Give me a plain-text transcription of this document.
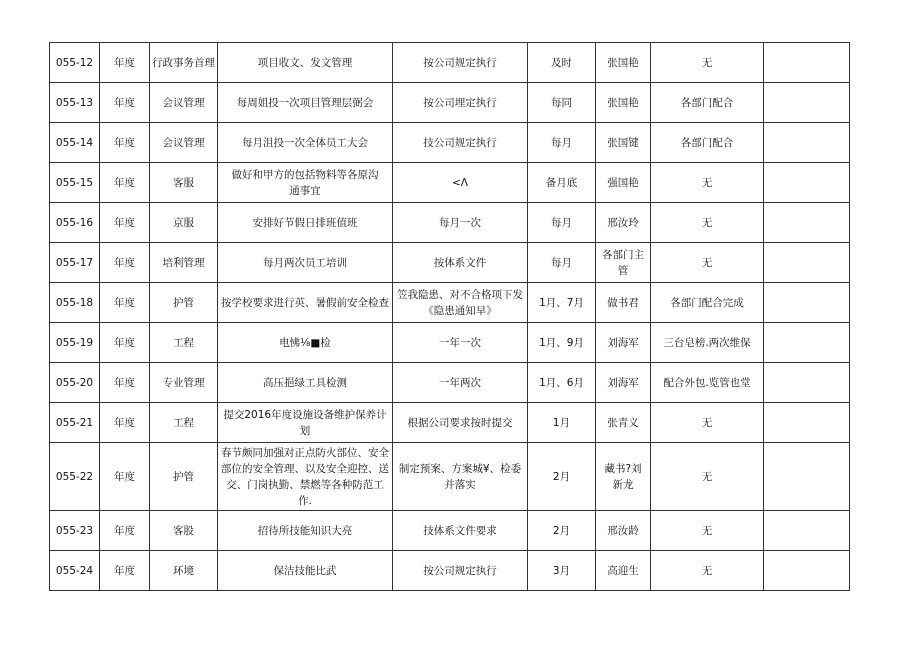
055-12	年度	行政事务首理	项目收文、发文管理	按公司规定执行	及时	张国艳	无	
055-13	年度	会议管理	每周姐投一次项目管理层弼会	按公司埋定执行	每同	张国艳	各部门配合	
055-14	年度	会议管理	每月沮投一次全体员工大会	技公司规定执行	每月	张国键	各部门配合	
055-15	年度	客服	做好和甲方的包括物料等各原沟通事宜	<Λ	备月底	强国艳	无	
055-16	年度	京服	安排好节假日排班值班	每月一次	每月	邢汝玲	无	
055-17	年度	培利管理	每月两次员工培训	按体系文件	每月	各部门主管	无	
055-18	年度	护管	按学校要求进行英、暑假前安全检查	笠我隐患、对不合格项下发《隐患通知早》	1月、7月	做书君	各部门配合完成	
055-19	年度	工程	电怫⅛■检	一年一次	1月、9月	刘海军	三台皂榜.两次维保	
055-20	年度	专业管理	高压挹绿工具检测	一年两次	1月、6月	刘海军	配合外包.览管也堂	
055-21	年度	工程	提交2016年度设施设备维护保养计划	根据公司要求按时提交	1月	张青义	无	
055-22	年度	护管	春节颇同加强对正点防火部位、安全部位的安全管理、以及安全迎控、送交、门岗执勤、禁燃等各种防范工作.	制定预案、方案城¥、检委并落实	2月	藏书?刘新龙	无	
055-23	年度	客股	招待所技能知识大亮	技体系文件要求	2月	邢汝龄	无	
055-24	年度	环境	保洁技能比武	按公司规定执行	3月	高迎生	无	
